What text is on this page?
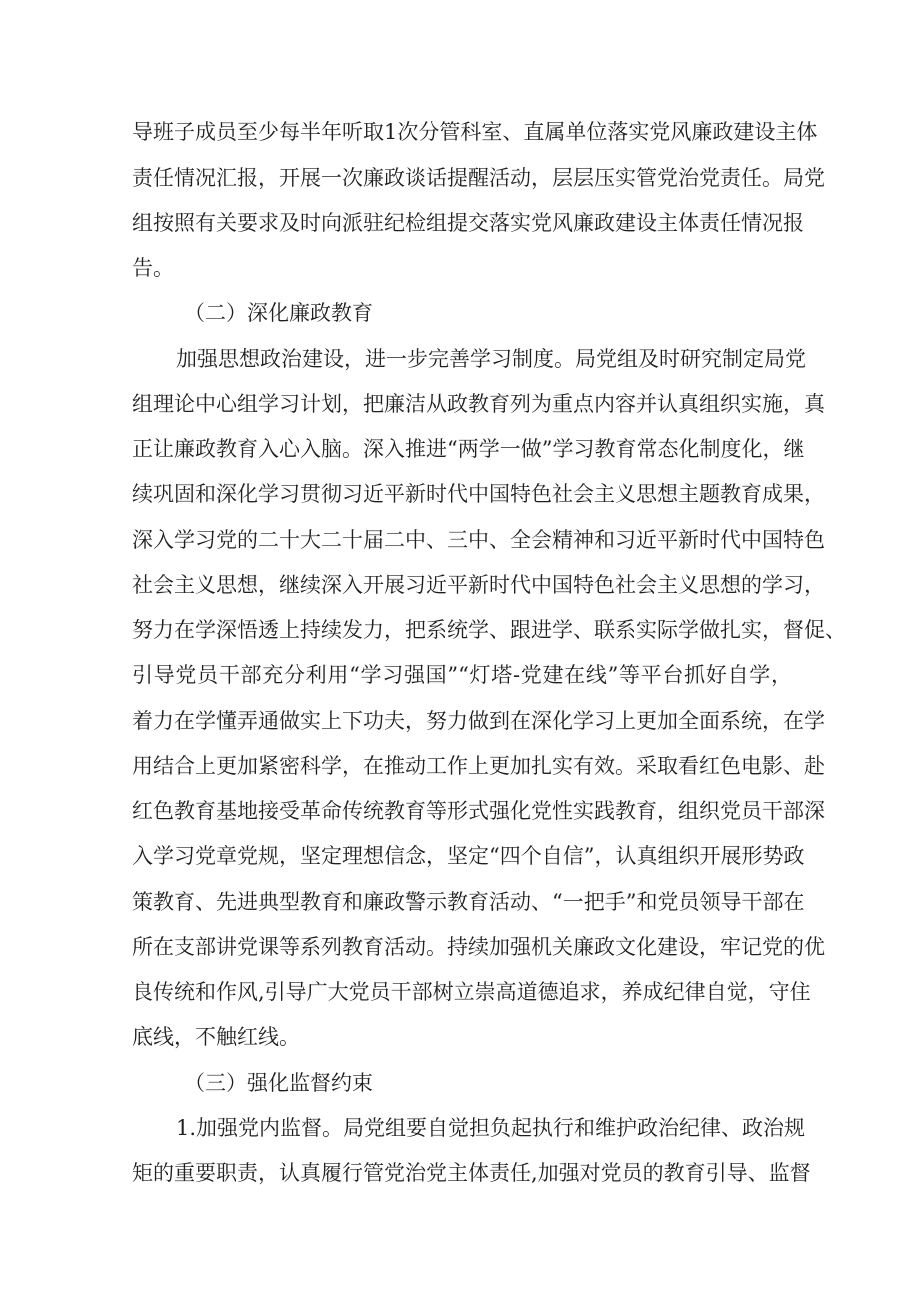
导班子成员至少每半年听取1次分管科室、直属单位落实党风廉政建设主体
责任情况汇报，开展一次廉政谈话提醒活动，层层压实管党治党责任。局党
组按照有关要求及时向派驻纪检组提交落实党风廉政建设主体责任情况报
告。
（二）深化廉政教育
加强思想政治建设，进一步完善学习制度。局党组及时研究制定局党
组理论中心组学习计划，把廉洁从政教育列为重点内容并认真组织实施，真
正让廉政教育入心入脑。深入推进“两学一做”学习教育常态化制度化，继
续巩固和深化学习贯彻习近平新时代中国特色社会主义思想主题教育成果，
深入学习党的二十大二十届二中、三中、全会精神和习近平新时代中国特色
社会主义思想，继续深入开展习近平新时代中国特色社会主义思想的学习，
努力在学深悟透上持续发力，把系统学、跟进学、联系实际学做扎实，督促、
引导党员干部充分利用“学习强国”“灯塔-党建在线”等平台抓好自学，
着力在学懂弄通做实上下功夫，努力做到在深化学习上更加全面系统，在学
用结合上更加紧密科学，在推动工作上更加扎实有效。采取看红色电影、赴
红色教育基地接受革命传统教育等形式强化党性实践教育，组织党员干部深
入学习党章党规，坚定理想信念，坚定“四个自信”，认真组织开展形势政
策教育、先进典型教育和廉政警示教育活动、“一把手”和党员领导干部在
所在支部讲党课等系列教育活动。持续加强机关廉政文化建设，牢记党的优
良传统和作风,引导广大党员干部树立崇高道德追求，养成纪律自觉，守住
底线，不触红线。
（三）强化监督约束
1.加强党内监督。局党组要自觉担负起执行和维护政治纪律、政治规
矩的重要职责，认真履行管党治党主体责任,加强对党员的教育引导、监督
